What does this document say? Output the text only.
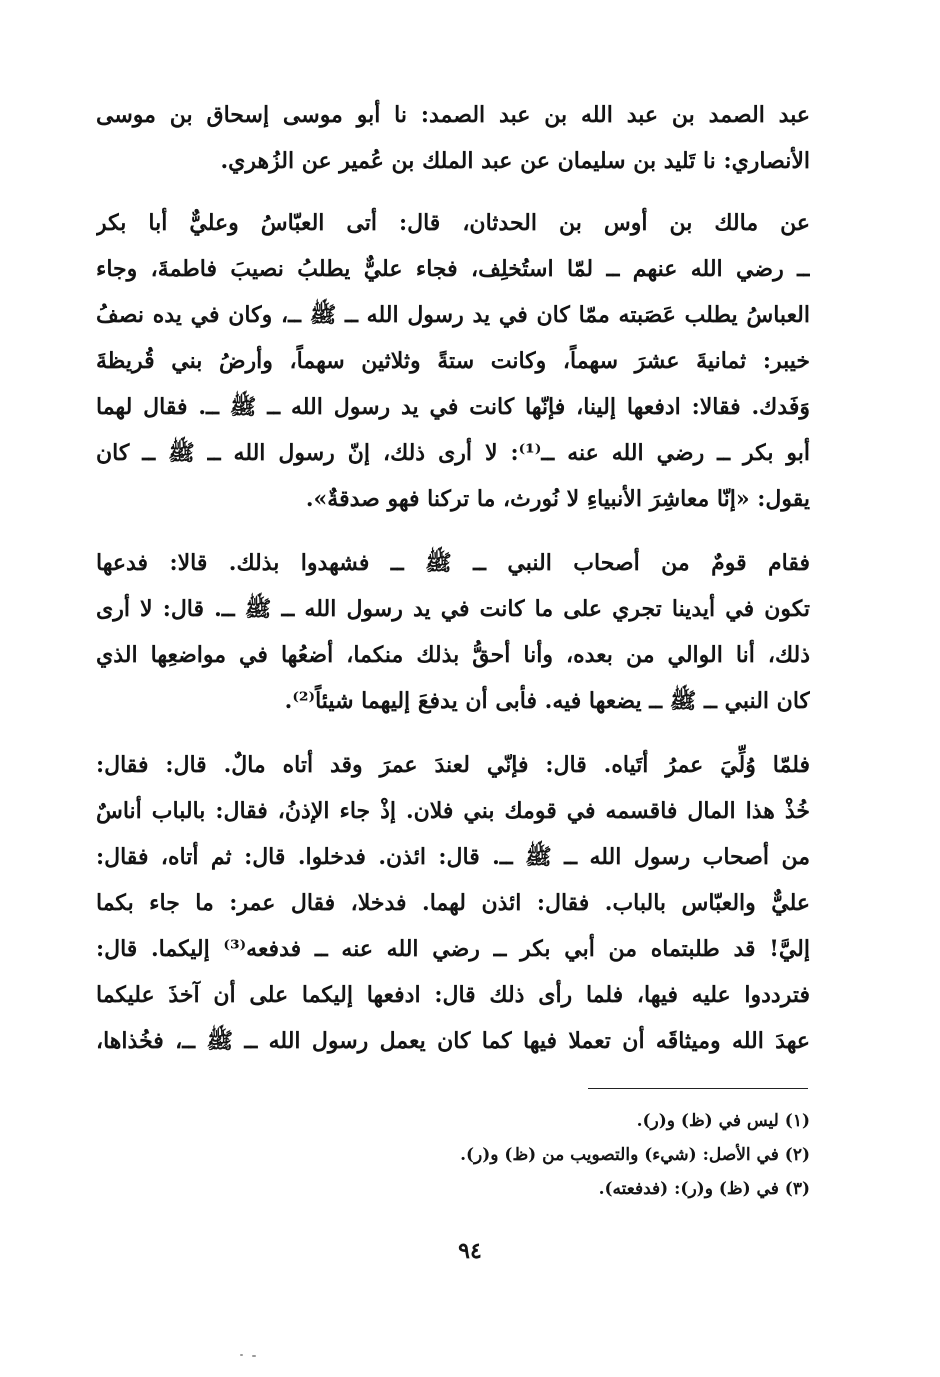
عبد الصمد بن عبد الله بن عبد الصمد: نا أبو موسى إسحاق بن موسى
الأنصاري: نا تَليد بن سليمان عن عبد الملك بن عُمير عن الزُهري.
عن مالك بن أوس بن الحدثان، قال: أتى العبّاسُ وعليٌّ أبا بكر
ــ رضي الله عنهم ــ لمّا استُخلِف، فجاء عليٌّ يطلبُ نصيبَ فاطمةَ، وجاء
العباسُ يطلب عَصَبته ممّا كان في يد رسول الله ــ ﷺ ــ، وكان في يده نصفُ
خيبر: ثمانيةَ عشرَ سهماً، وكانت ستةً وثلاثين سهماً، وأرضُ بني قُريظةَ
وَفَدك. فقالا: ادفعها إلينا، فإنّها كانت في يد رسول الله ــ ﷺ ــ. فقال لهما
أبو بكر ــ رضي الله عنه ــ⁽¹⁾: لا أرى ذلك، إنّ رسول الله ــ ﷺ ــ كان
يقول: «إنّا معاشِرَ الأنبياءِ لا نُورث، ما تركنا فهو صدقةٌ».
فقام قومٌ من أصحاب النبي ــ ﷺ ــ فشهدوا بذلك. قالا: فدعها
تكون في أيدينا تجري على ما كانت في يد رسول الله ــ ﷺ ــ. قال: لا أرى
ذلك، أنا الوالي من بعده، وأنا أحقُّ بذلك منكما، أضعُها في مواضعِها الذي
كان النبي ــ ﷺ ــ يضعها فيه. فأبى أن يدفعَ إليهما شيئاً⁽²⁾.
فلمّا وُلِّيَ عمرُ أتَياه. قال: فإنّي لعندَ عمرَ وقد أتاه مالٌ. قال: فقال:
خُذْ هذا المال فاقسمه في قومك بني فلان. إذْ جاء الإذنُ، فقال: بالباب أناسٌ
من أصحاب رسول الله ــ ﷺ ــ. قال: ائذن. فدخلوا. قال: ثم أتاه، فقال:
عليٌّ والعبّاس بالباب. فقال: ائذن لهما. فدخلا، فقال عمر: ما جاء بكما
إليَّ! قد طلبتماه من أبي بكر ــ رضي الله عنه ــ فدفعه⁽³⁾ إليكما. قال:
فترددوا عليه فيها، فلما رأى ذلك قال: ادفعها إليكما على أن آخذَ عليكما
عهدَ الله وميثاقَه أن تعملا فيها كما كان يعمل رسول الله ــ ﷺ ــ، فخُذاها،
(١) ليس في (ظ) و(ر).
(٢) في الأصل: (شيء) والتصويب من (ظ) و(ر).
(٣) في (ظ) و(ر): (فدفعته).
٩٤
